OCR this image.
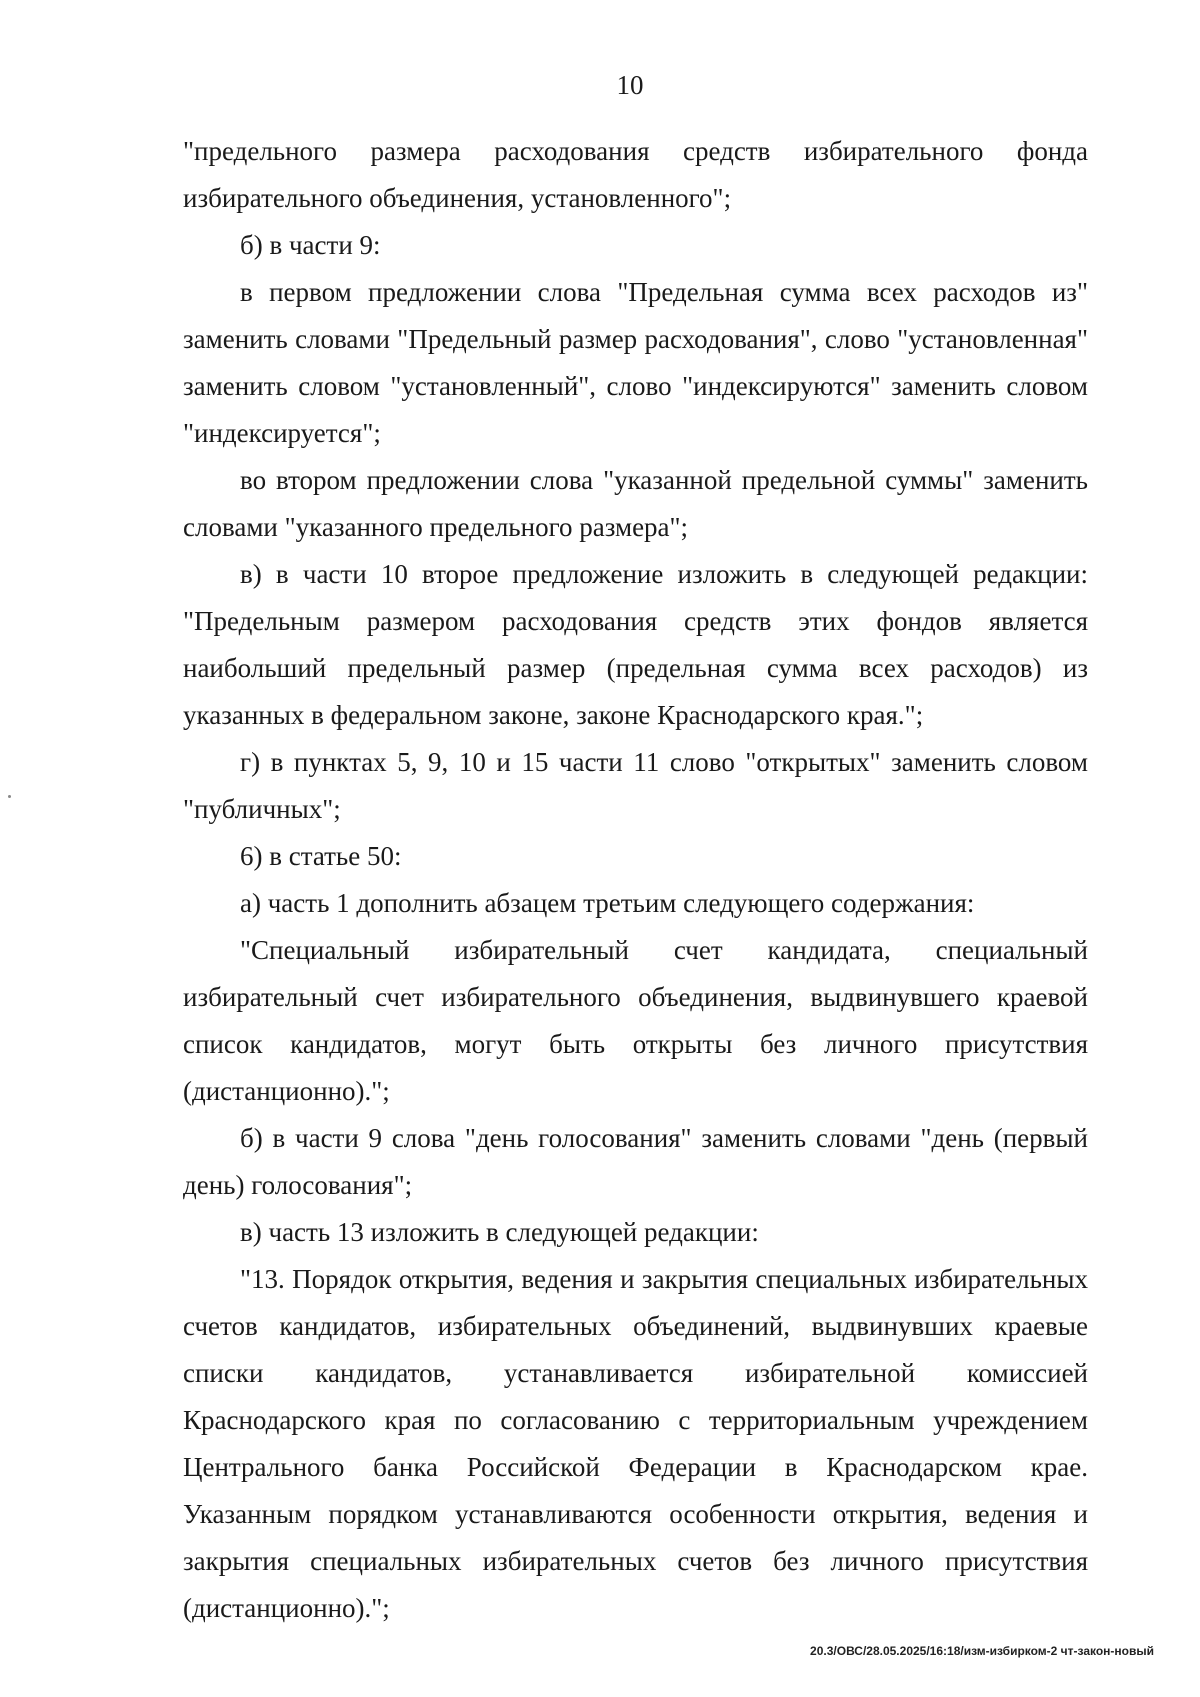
10

"предельного размера расходования средств избирательного фонда избирательного объединения, установленного";

б) в части 9:

в первом предложении слова "Предельная сумма всех расходов из" заменить словами "Предельный размер расходования", слово "установленная" заменить словом "установленный", слово "индексируются" заменить словом "индексируется";

во втором предложении слова "указанной предельной суммы" заменить словами "указанного предельного размера";

в) в части 10 второе предложение изложить в следующей редакции: "Предельным размером расходования средств этих фондов является наибольший предельный размер (предельная сумма всех расходов) из указанных в федеральном законе, законе Краснодарского края.";

г) в пунктах 5, 9, 10 и 15 части 11 слово "открытых" заменить словом "публичных";

6) в статье 50:

а) часть 1 дополнить абзацем третьим следующего содержания:

"Специальный избирательный счет кандидата, специальный избирательный счет избирательного объединения, выдвинувшего краевой список кандидатов, могут быть открыты без личного присутствия (дистанционно).";

б) в части 9 слова "день голосования" заменить словами "день (первый день) голосования";

в) часть 13 изложить в следующей редакции:

"13. Порядок открытия, ведения и закрытия специальных избирательных счетов кандидатов, избирательных объединений, выдвинувших краевые списки кандидатов, устанавливается избирательной комиссией Краснодарского края по согласованию с территориальным учреждением Центрального банка Российской Федерации в Краснодарском крае. Указанным порядком устанавливаются особенности открытия, ведения и закрытия специальных избирательных счетов без личного присутствия (дистанционно).";

20.3/ОВС/28.05.2025/16:18/изм-избирком-2 чт-закон-новый
